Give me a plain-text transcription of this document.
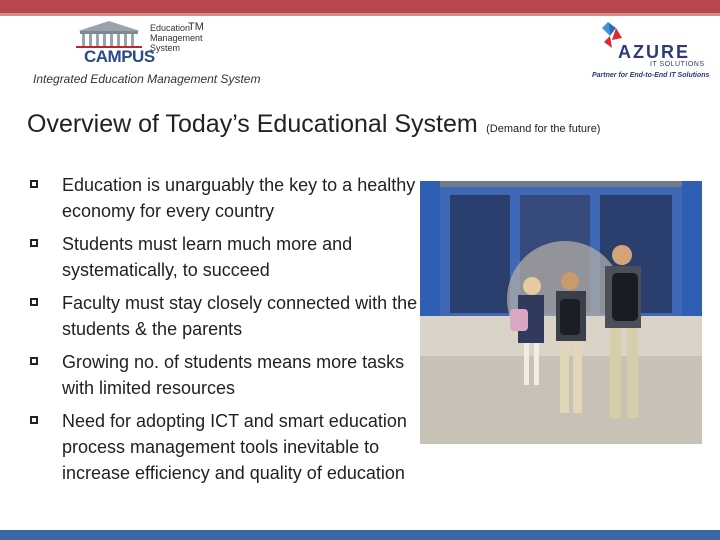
CAMPUS
Education
Management
System
TM
Integrated Education Management System
AZURE
IT SOLUTIONS
Partner for End-to-End IT Solutions
Overview of Today’s Educational System (Demand for the future)
Education is unarguably the key to a healthy economy for every country
Students must learn much more and systematically, to succeed
Faculty must stay closely connected with the students & the parents
Growing no. of students means more tasks with limited resources
Need for adopting ICT and smart education process management tools inevitable to increase efficiency and quality of education
